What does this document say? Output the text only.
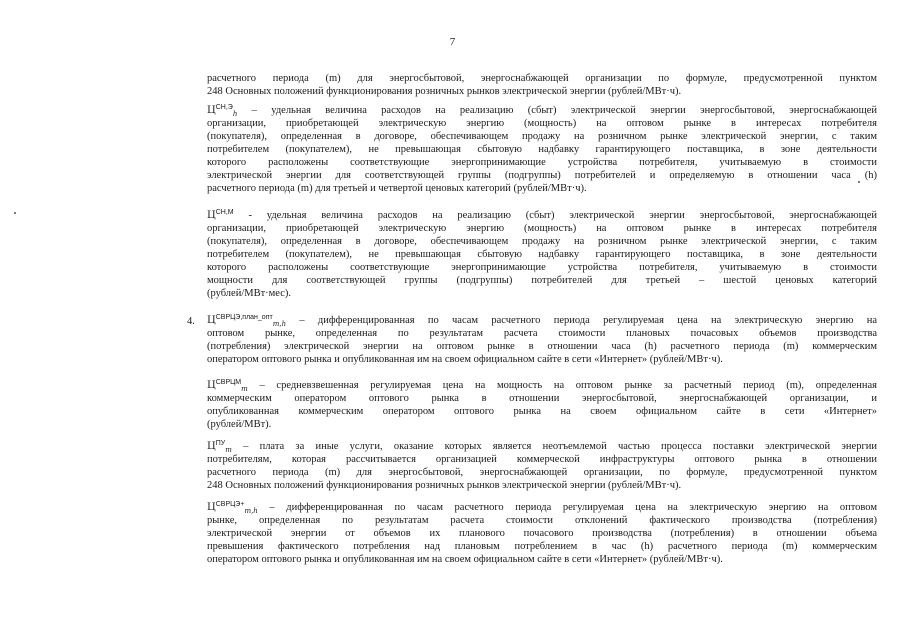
7
4.
расчетного периода (m) для энергосбытовой, энергоснабжающей организации по формуле, предусмотренной пунктом
248 Основных положений функционирования розничных рынков электрической энергии (рублей/МВт·ч).
$Ц^{СН,Э}_h$ – удельная величина расходов на реализацию (сбыт) электрической энергии энергосбытовой, энергоснабжающей
организации, приобретающей электрическую энергию (мощность) на оптовом рынке в интересах потребителя
(покупателя), определенная в договоре, обеспечивающем продажу на розничном рынке электрической энергии, с таким
потребителем (покупателем), не превышающая сбытовую надбавку гарантирующего поставщика, в зоне деятельности
которого расположены соответствующие энергопринимающие устройства потребителя, учитываемую в стоимости
электрической энергии для соответствующей группы (подгруппы) потребителей и определяемую в отношении часа (h)
расчетного периода (m) для третьей и четвертой ценовых категорий (рублей/МВт·ч).
$Ц^{СН,М}$ - удельная величина расходов на реализацию (сбыт) электрической энергии энергосбытовой, энергоснабжающей
организации, приобретающей электрическую энергию (мощность) на оптовом рынке в интересах потребителя
(покупателя), определенная в договоре, обеспечивающем продажу на розничном рынке электрической энергии, с таким
потребителем (покупателем), не превышающая сбытовую надбавку гарантирующего поставщика, в зоне деятельности
которого расположены соответствующие энергопринимающие устройства потребителя, учитываемую в стоимости
мощности для соответствующей группы (подгруппы) потребителей для третьей – шестой ценовых категорий
(рублей/МВт·мес).
$Ц^{СВРЦЭ,план\_опт}_{m,h}$ – дифференцированная по часам расчетного периода регулируемая цена на электрическую энергию на
оптовом рынке, определенная по результатам расчета стоимости плановых почасовых объемов производства
(потребления) электрической энергии на оптовом рынке в отношении часа (h) расчетного периода (m) коммерческим
оператором оптового рынка и опубликованная им на своем официальном сайте в сети «Интернет» (рублей/МВт·ч).
$Ц^{СВРЦМ}_m$ – средневзвешенная регулируемая цена на мощность на оптовом рынке за расчетный период (m), определенная
коммерческим оператором оптового рынка в отношении энергосбытовой, энергоснабжающей организации, и
опубликованная коммерческим оператором оптового рынка на своем официальном сайте в сети «Интернет»
(рублей/МВт).
$Ц^{ПУ}_m$ – плата за иные услуги, оказание которых является неотъемлемой частью процесса поставки электрической энергии
потребителям, которая рассчитывается организацией коммерческой инфраструктуры оптового рынка в отношении
расчетного периода (m) для энергосбытовой, энергоснабжающей организации, по формуле, предусмотренной пунктом
248 Основных положений функционирования розничных рынков электрической энергии (рублей/МВт·ч).
$Ц^{СВРЦЭ+}_{m,h}$ – дифференцированная по часам расчетного периода регулируемая цена на электрическую энергию на оптовом
рынке, определенная по результатам расчета стоимости отклонений фактического производства (потребления)
электрической энергии от объемов их планового почасового производства (потребления) в отношении объема
превышения фактического потребления над плановым потреблением в час (h) расчетного периода (m) коммерческим
оператором оптового рынка и опубликованная им на своем официальном сайте в сети «Интернет» (рублей/МВт·ч).
